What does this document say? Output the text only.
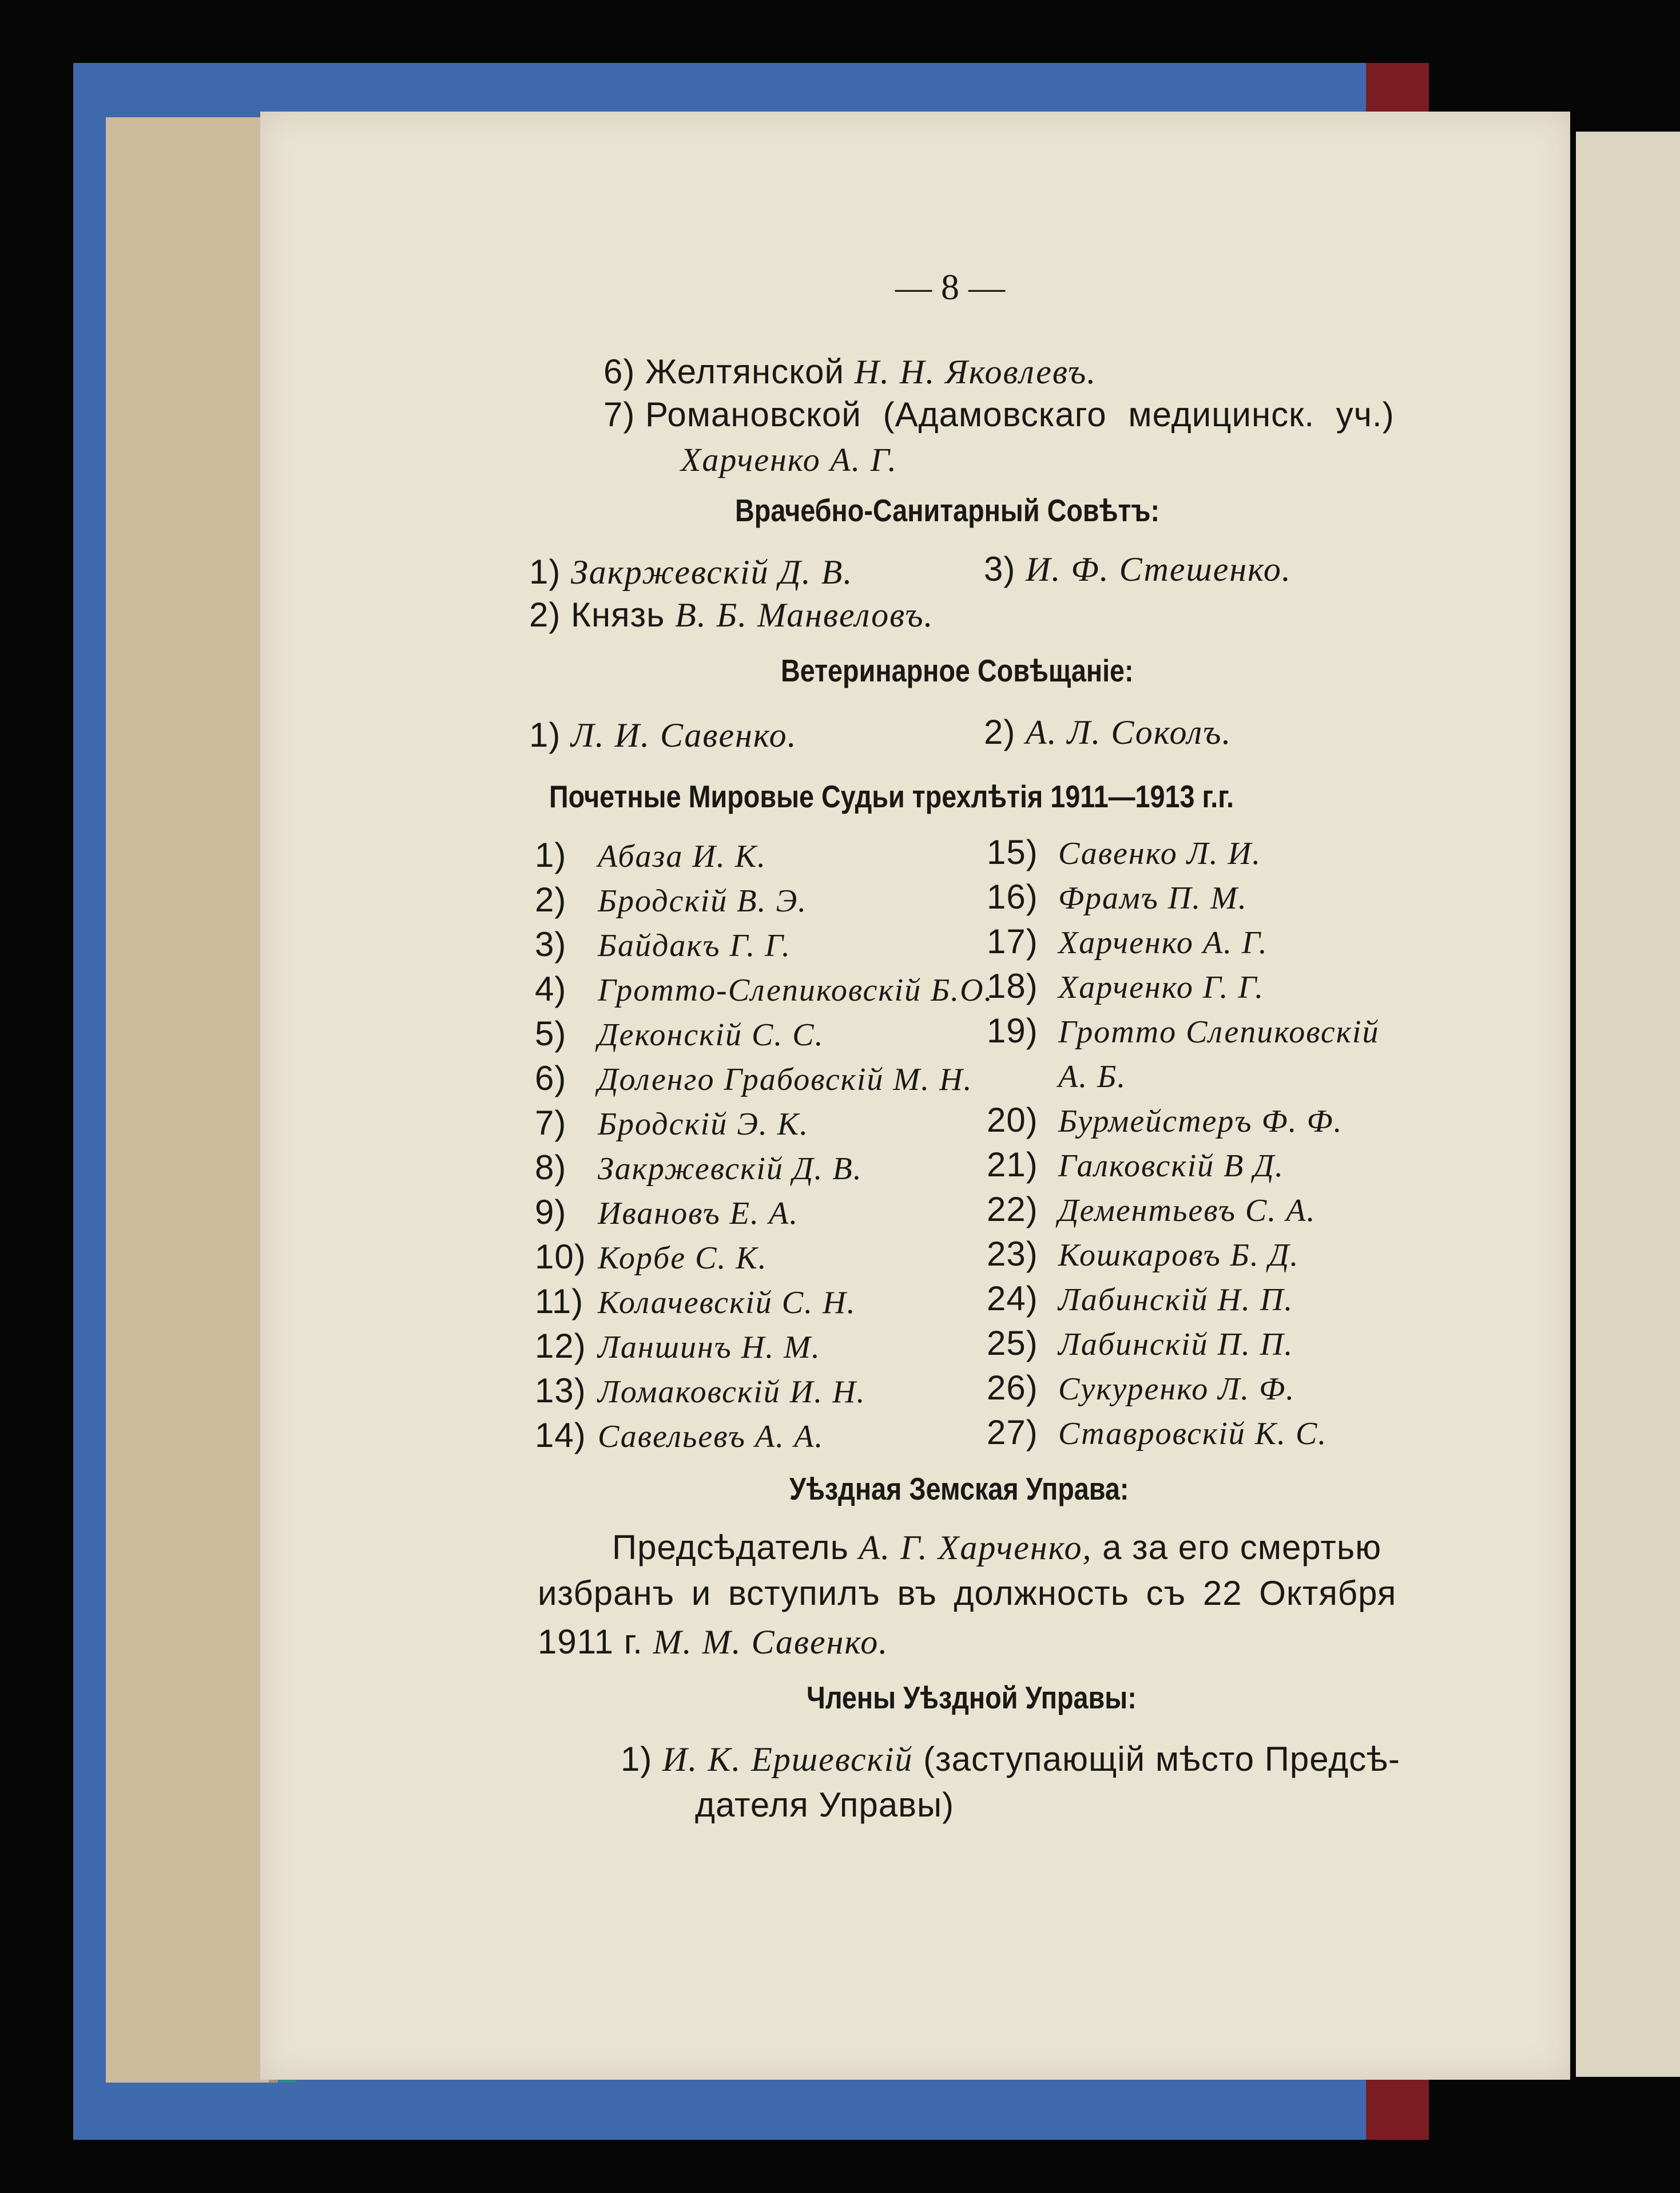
— 8 —
6) Желтянской Н. Н. Яковлевъ.
7) Романовской (Адамовскаго медицинск. уч.)
Харченко А. Г.
Врачебно-Санитарный Совѣтъ:
1) Закржевскій Д. В.	3) И. Ф. Стешенко.
2) Князь В. Б. Манвеловъ.
Ветеринарное Совѣщаніе:
1) Л. И. Савенко.	2) А. Л. Соколъ.
Почетные Мировые Судьи трехлѣтія 1911—1913 г.г.
1) Абаза И. К.
2) Бродскій В. Э.
3) Байдакъ Г. Г.
4) Гротто-Слепиковскій Б.О.
5) Деконскій С. С.
6) Доленго Грабовскій М. Н.
7) Бродскій Э. К.
8) Закржевскій Д. В.
9) Ивановъ Е. А.
10) Корбе С. К.
11) Колачевскій С. Н.
12) Ланшинъ Н. М.
13) Ломаковскій И. Н.
14) Савельевъ А. А.
15) Савенко Л. И.
16) Фрамъ П. М.
17) Харченко А. Г.
18) Харченко Г. Г.
19) Гротто Слепиковскій
А. Б.
20) Бурмейстеръ Ф. Ф.
21) Галковскій В Д.
22) Дементьевъ С. А.
23) Кошкаровъ Б. Д.
24) Лабинскій Н. П.
25) Лабинскій П. П.
26) Сукуренко Л. Ф.
27) Ставровскій К. С.
Уѣздная Земская Управа:
Предсѣдатель А. Г. Харченко, а за его смертью
избранъ и вступилъ въ должность съ 22 Октября
1911 г. М. М. Савенко.
Члены Уѣздной Управы:
1) И. К. Ершевскій (заступающій мѣсто Предсѣ-
дателя Управы)
